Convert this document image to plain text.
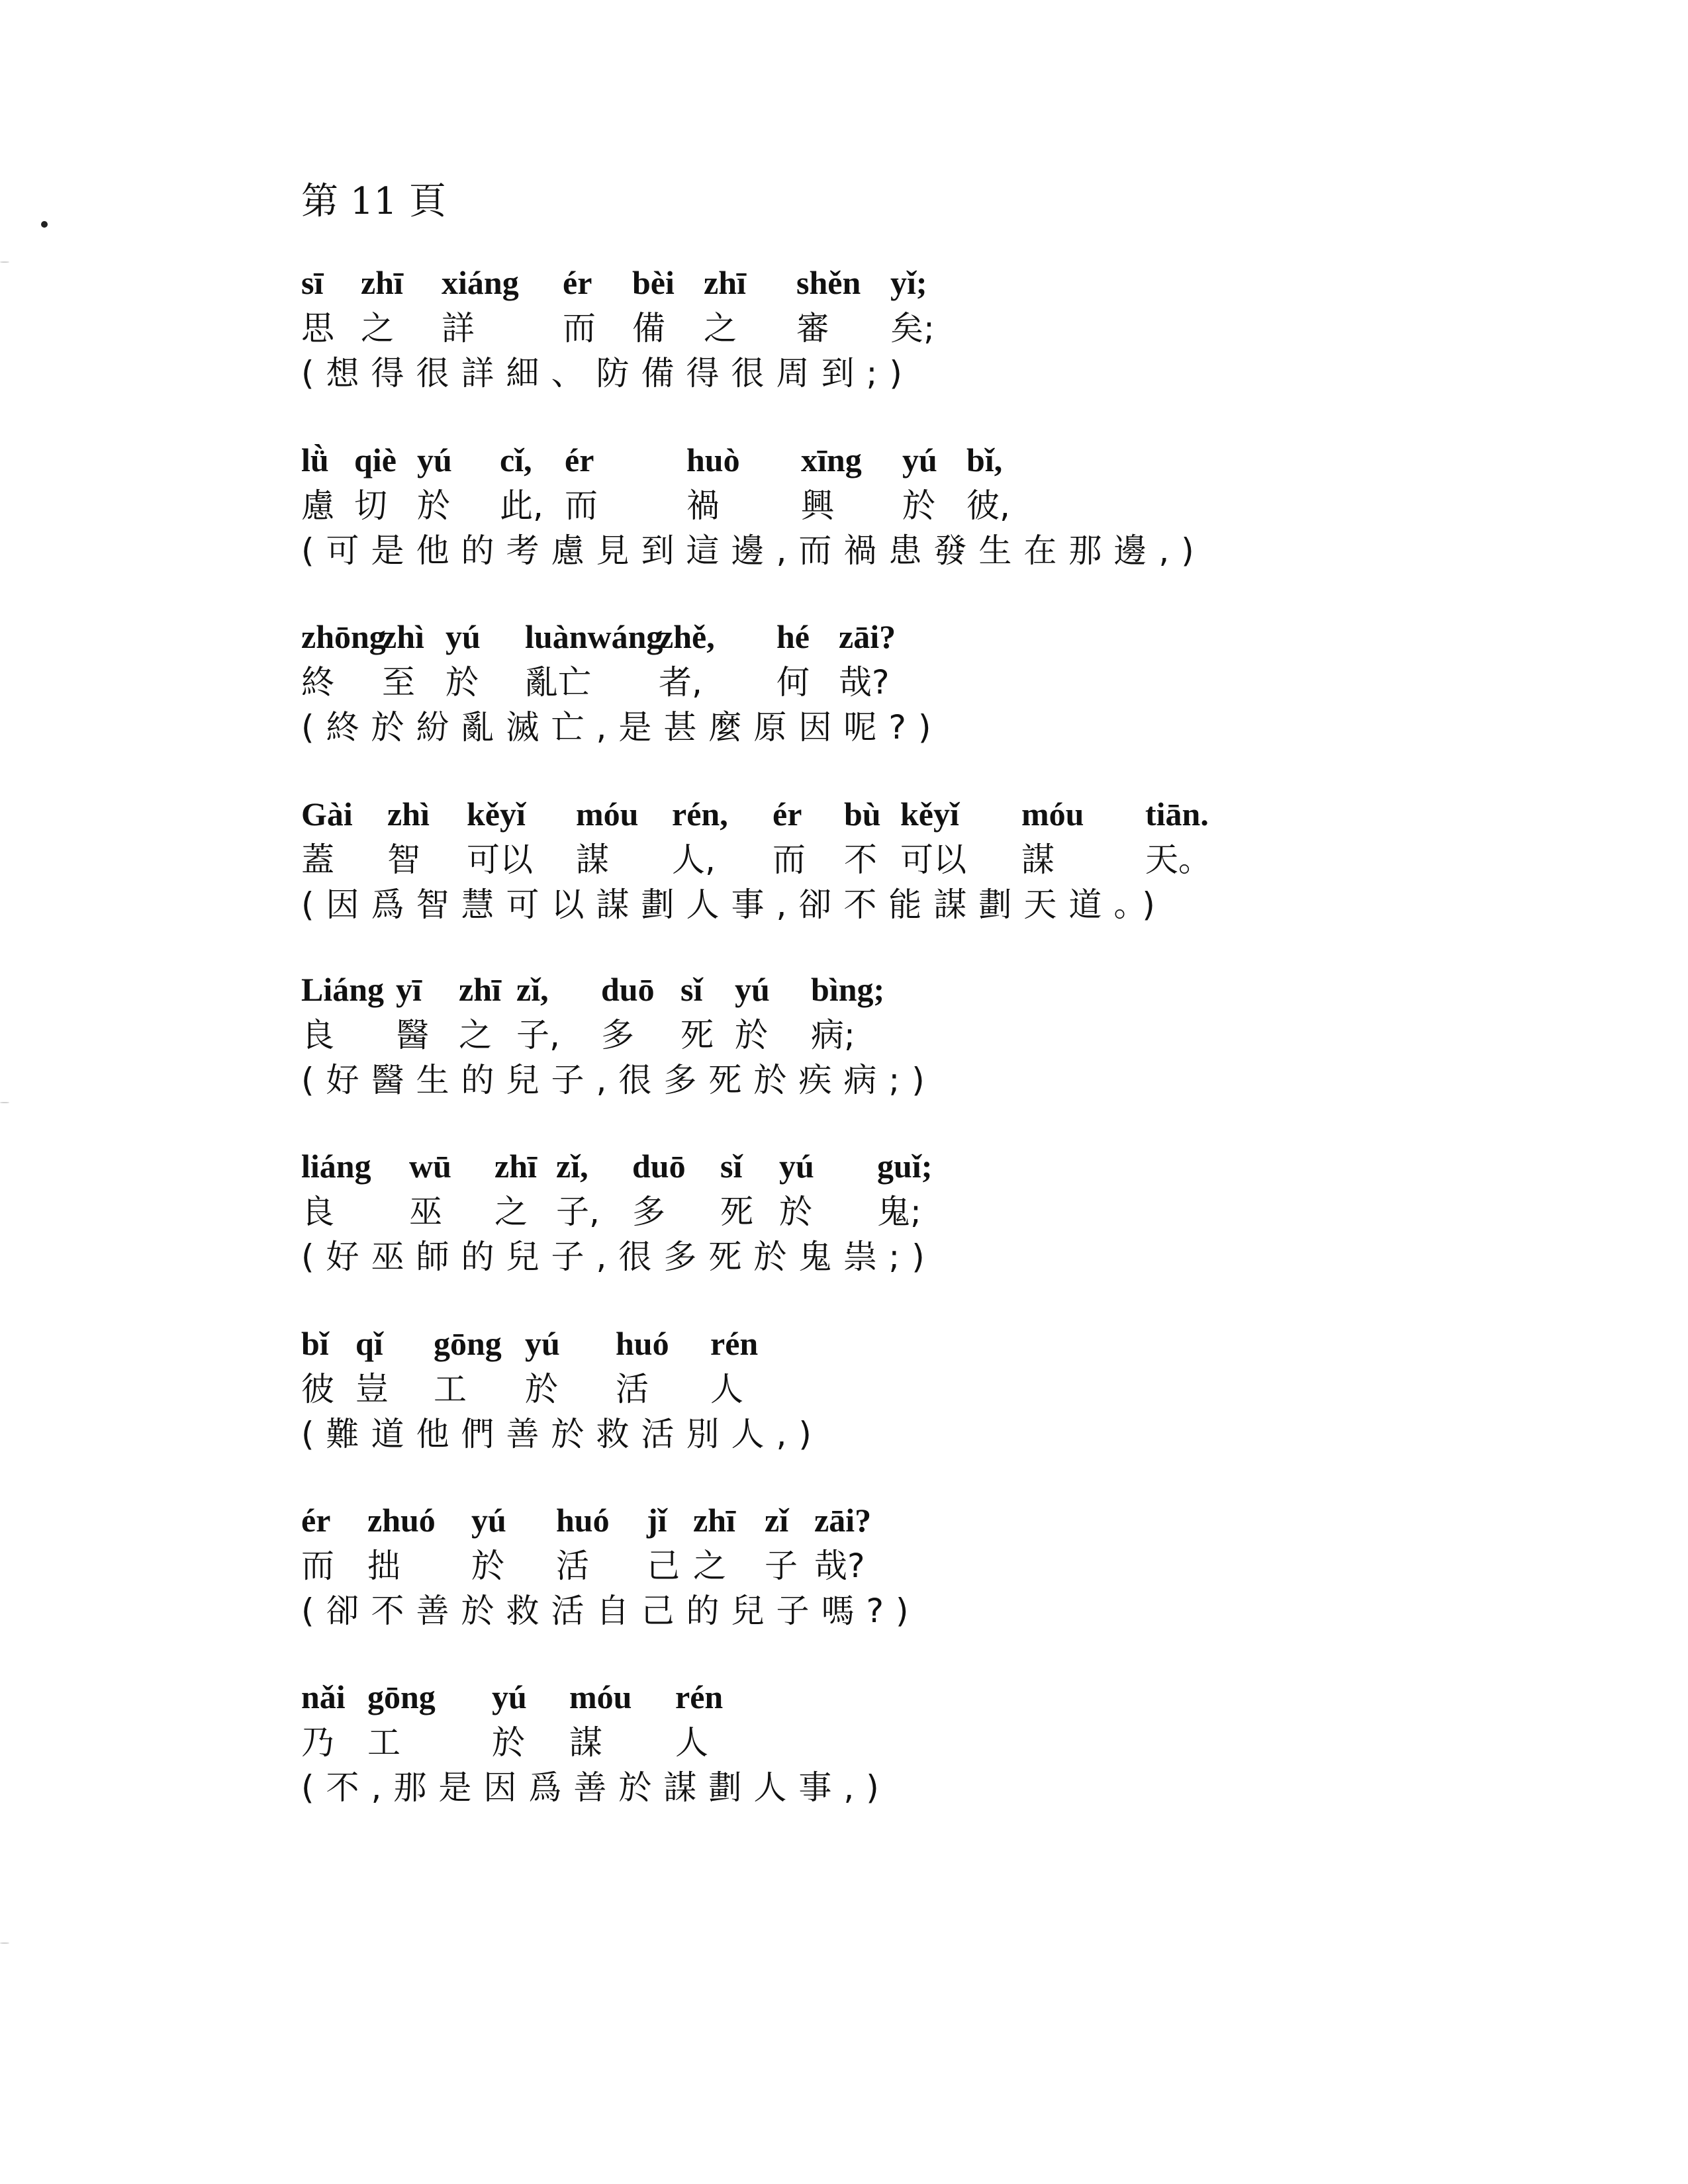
第 11 頁
sī zhī xiáng ér bèi zhī shěn yǐ;
思 之 詳	而 備 之 審 矣;
(想得很詳細、防備得很周到;)
lǜ qiè yú cǐ, ér	huò xīng yú bǐ,
慮 切 於 此, 而	禍 興 於 彼,
(可是他的考慮見到這邊,而禍患發生在那邊,)
zhōng
zhì yú luànwáng
zhě, hé zāi?
終 至 於 亂亡 者, 何 哉?
(終於紛亂滅亡,是甚麼原因呢?)
Gài zhì kěyǐ móu rén, ér bù kěyǐ móu tiān.
蓋 智 可以 謀 人, 而 不 可以 謀	天。
(因爲智慧可以謀劃人事,卻不能謀劃天道。)
Liáng yī zhī zǐ, duō sǐ yú bìng;
良 醫 之 子, 多 死 於 病;
(好醫生的兒子,很多死於疾病;)
liáng wū zhī zǐ, duō sǐ yú guǐ;
良 巫 之 子, 多 死 於 鬼;
(好巫師的兒子,很多死於鬼祟;)
bǐ qǐ gōng yú huó rén
彼 豈 工 於 活 人
(難道他們善於救活別人,)
ér zhuó yú huó jǐ zhī zǐ zāi?
而 拙 於 活 己 之 子 哉?
(卻不善於救活自己的兒子嗎?)
nǎi gōng yú móu rén
乃 工	於 謀 人
(不,那是因爲善於謀劃人事,)
